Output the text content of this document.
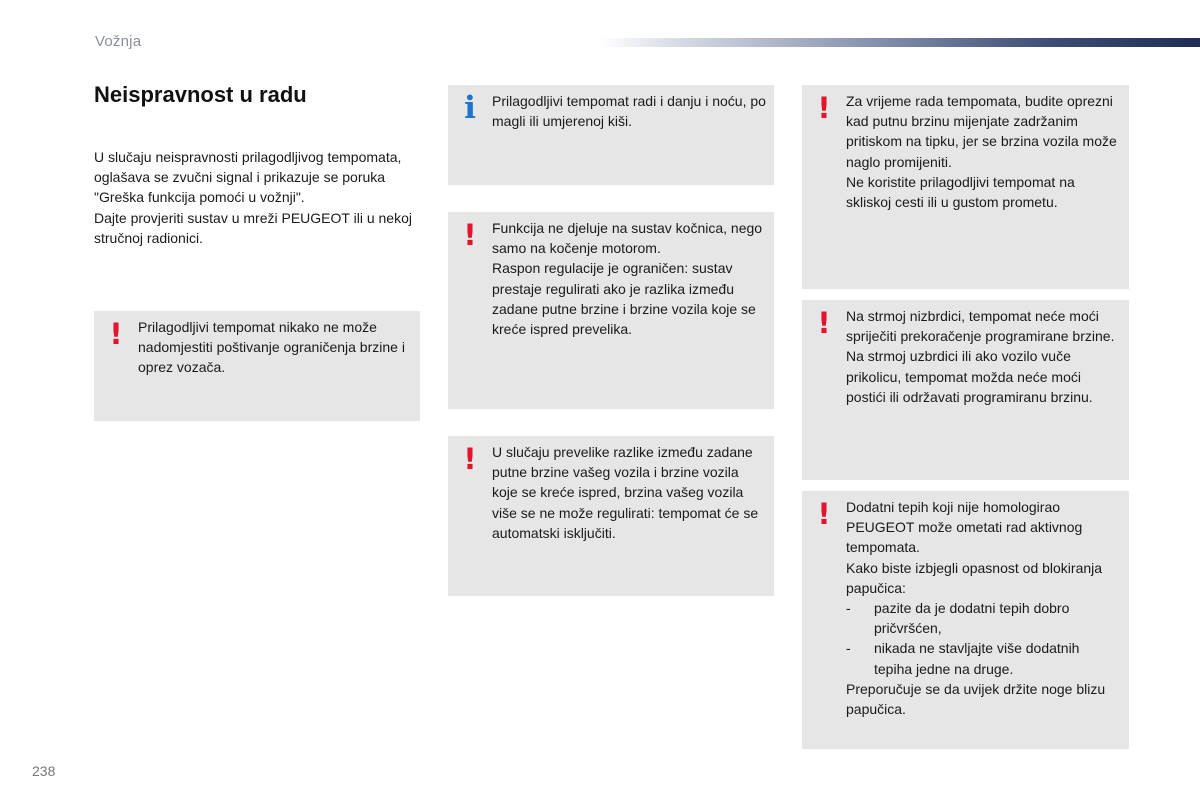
Vožnja
Neispravnost u radu

U slučaju neispravnosti prilagodljivog tempomata, oglašava se zvučni signal i prikazuje se poruka "Greška funkcija pomoći u vožnji".

Dajte provjeriti sustav u mreži PEUGEOT ili u nekoj stručnoj radionici.

! Prilagodljivi tempomat nikako ne može nadomjestiti poštivanje ograničenja brzine i oprez vozača.

i Prilagodljivi tempomat radi i danju i noću, po magli ili umjerenoj kiši.

! Funkcija ne djeluje na sustav kočnica, nego samo na kočenje motorom.

Raspon regulacije je ograničen: sustav prestaje regulirati ako je razlika između zadane putne brzine i brzine vozila koje se kreće ispred prevelika.

! U slučaju prevelike razlike između zadane putne brzine vašeg vozila i brzine vozila koje se kreće ispred, brzina vašeg vozila više se ne može regulirati: tempomat će se automatski isključiti.

! Za vrijeme rada tempomata, budite oprezni kad putnu brzinu mijenjate zadržanim pritiskom na tipku, jer se brzina vozila može naglo promijeniti.

Ne koristite prilagodljivi tempomat na skliskoj cesti ili u gustom prometu.

! Na strmoj nizbrdici, tempomat neće moći spriječiti prekoračenje programirane brzine.

Na strmoj uzbrdici ili ako vozilo vuče prikolicu, tempomat možda neće moći postići ili održavati programiranu brzinu.

! Dodatni tepih koji nije homologirao PEUGEOT može ometati rad aktivnog tempomata.

Kako biste izbjegli opasnost od blokiranja papučica:

-	pazite da je dodatni tepih dobro pričvršćen,
-	nikada ne stavljajte više dodatnih tepiha jedne na druge.

Preporučuje se da uvijek držite noge blizu papučica.

238
